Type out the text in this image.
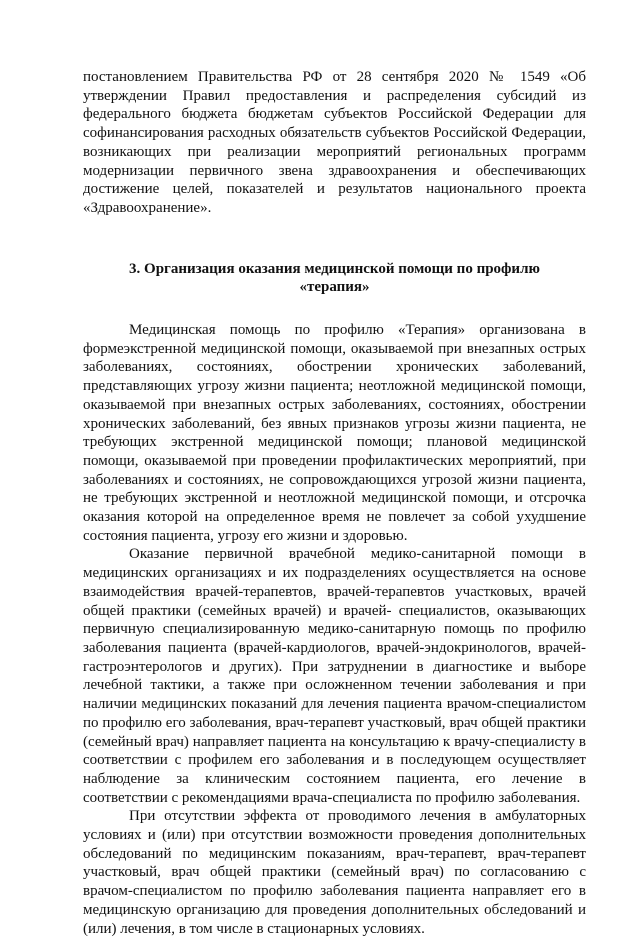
постановлением Правительства РФ от 28 сентября 2020 № 1549 «Об утверждении Правил предоставления и распределения субсидий из федерального бюджета бюджетам субъектов Российской Федерации для софинансирования расходных обязательств субъектов Российской Федерации, возникающих при реализации мероприятий региональных программ модернизации первичного звена здравоохранения и обеспечивающих достижение целей, показателей и результатов национального проекта «Здравоохранение».

3. Организация оказания медицинской помощи по профилю «терапия»

Медицинская помощь по профилю «Терапия» организована в формеэкстренной медицинской помощи, оказываемой при внезапных острых заболеваниях, состояниях, обострении хронических заболеваний, представляющих угрозу жизни пациента; неотложной медицинской помощи, оказываемой при внезапных острых заболеваниях, состояниях, обострении хронических заболеваний, без явных признаков угрозы жизни пациента, не требующих экстренной медицинской помощи; плановой медицинской помощи, оказываемой при проведении профилактических мероприятий, при заболеваниях и состояниях, не сопровождающихся угрозой жизни пациента, не требующих экстренной и неотложной медицинской помощи, и отсрочка оказания которой на определенное время не повлечет за собой ухудшение состояния пациента, угрозу его жизни и здоровью.

Оказание первичной врачебной медико-санитарной помощи в медицинских организациях и их подразделениях осуществляется на основе взаимодействия врачей-терапевтов, врачей-терапевтов участковых, врачей общей практики (семейных врачей) и врачей- специалистов, оказывающих первичную специализированную медико-санитарную помощь по профилю заболевания пациента (врачей-кардиологов, врачей-эндокринологов, врачей-гастроэнтерологов и других). При затруднении в диагностике и выборе лечебной тактики, а также при осложненном течении заболевания и при наличии медицинских показаний для лечения пациента врачом-специалистом по профилю его заболевания, врач-терапевт участковый, врач общей практики (семейный врач) направляет пациента на консультацию к врачу-специалисту в соответствии с профилем его заболевания и в последующем осуществляет наблюдение за клиническим состоянием пациента, его лечение в соответствии с рекомендациями врача-специалиста по профилю заболевания.

При отсутствии эффекта от проводимого лечения в амбулаторных условиях и (или) при отсутствии возможности проведения дополнительных обследований по медицинским показаниям, врач-терапевт, врач-терапевт участковый, врач общей практики (семейный врач) по согласованию с врачом-специалистом по профилю заболевания пациента направляет его в медицинскую организацию для проведения дополнительных обследований и (или) лечения, в том числе в стационарных условиях.
